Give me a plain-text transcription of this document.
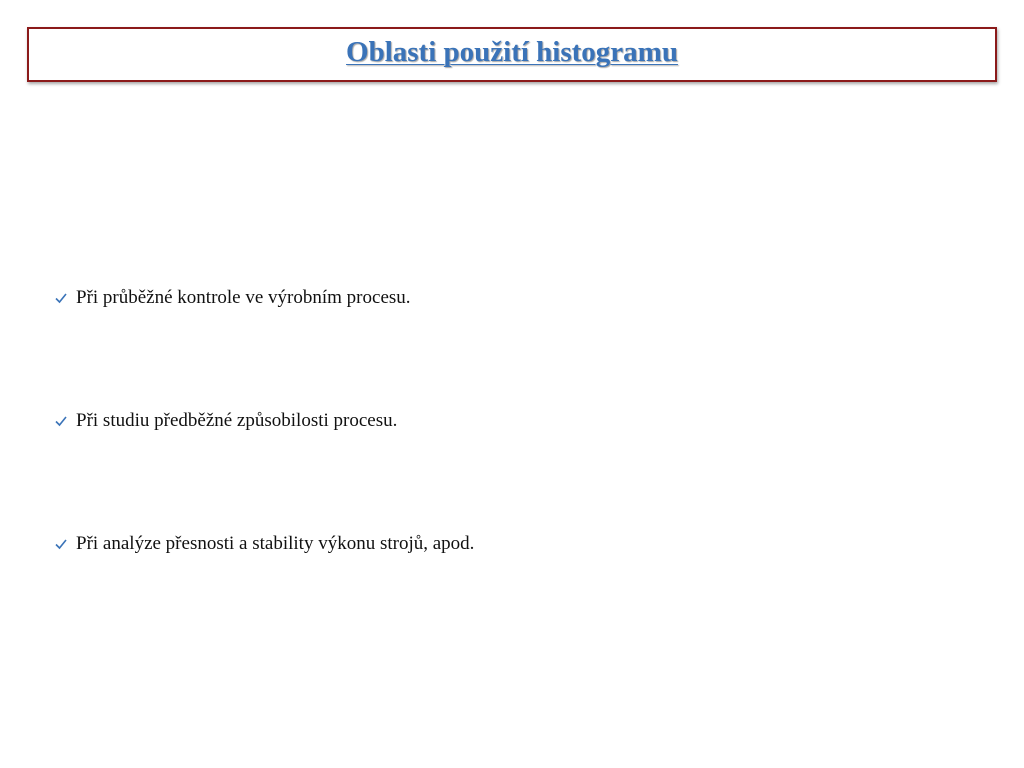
Oblasti použití histogramu
Při průběžné kontrole ve výrobním procesu.
Při studiu předběžné způsobilosti procesu.
Při analýze přesnosti a stability výkonu strojů, apod.
